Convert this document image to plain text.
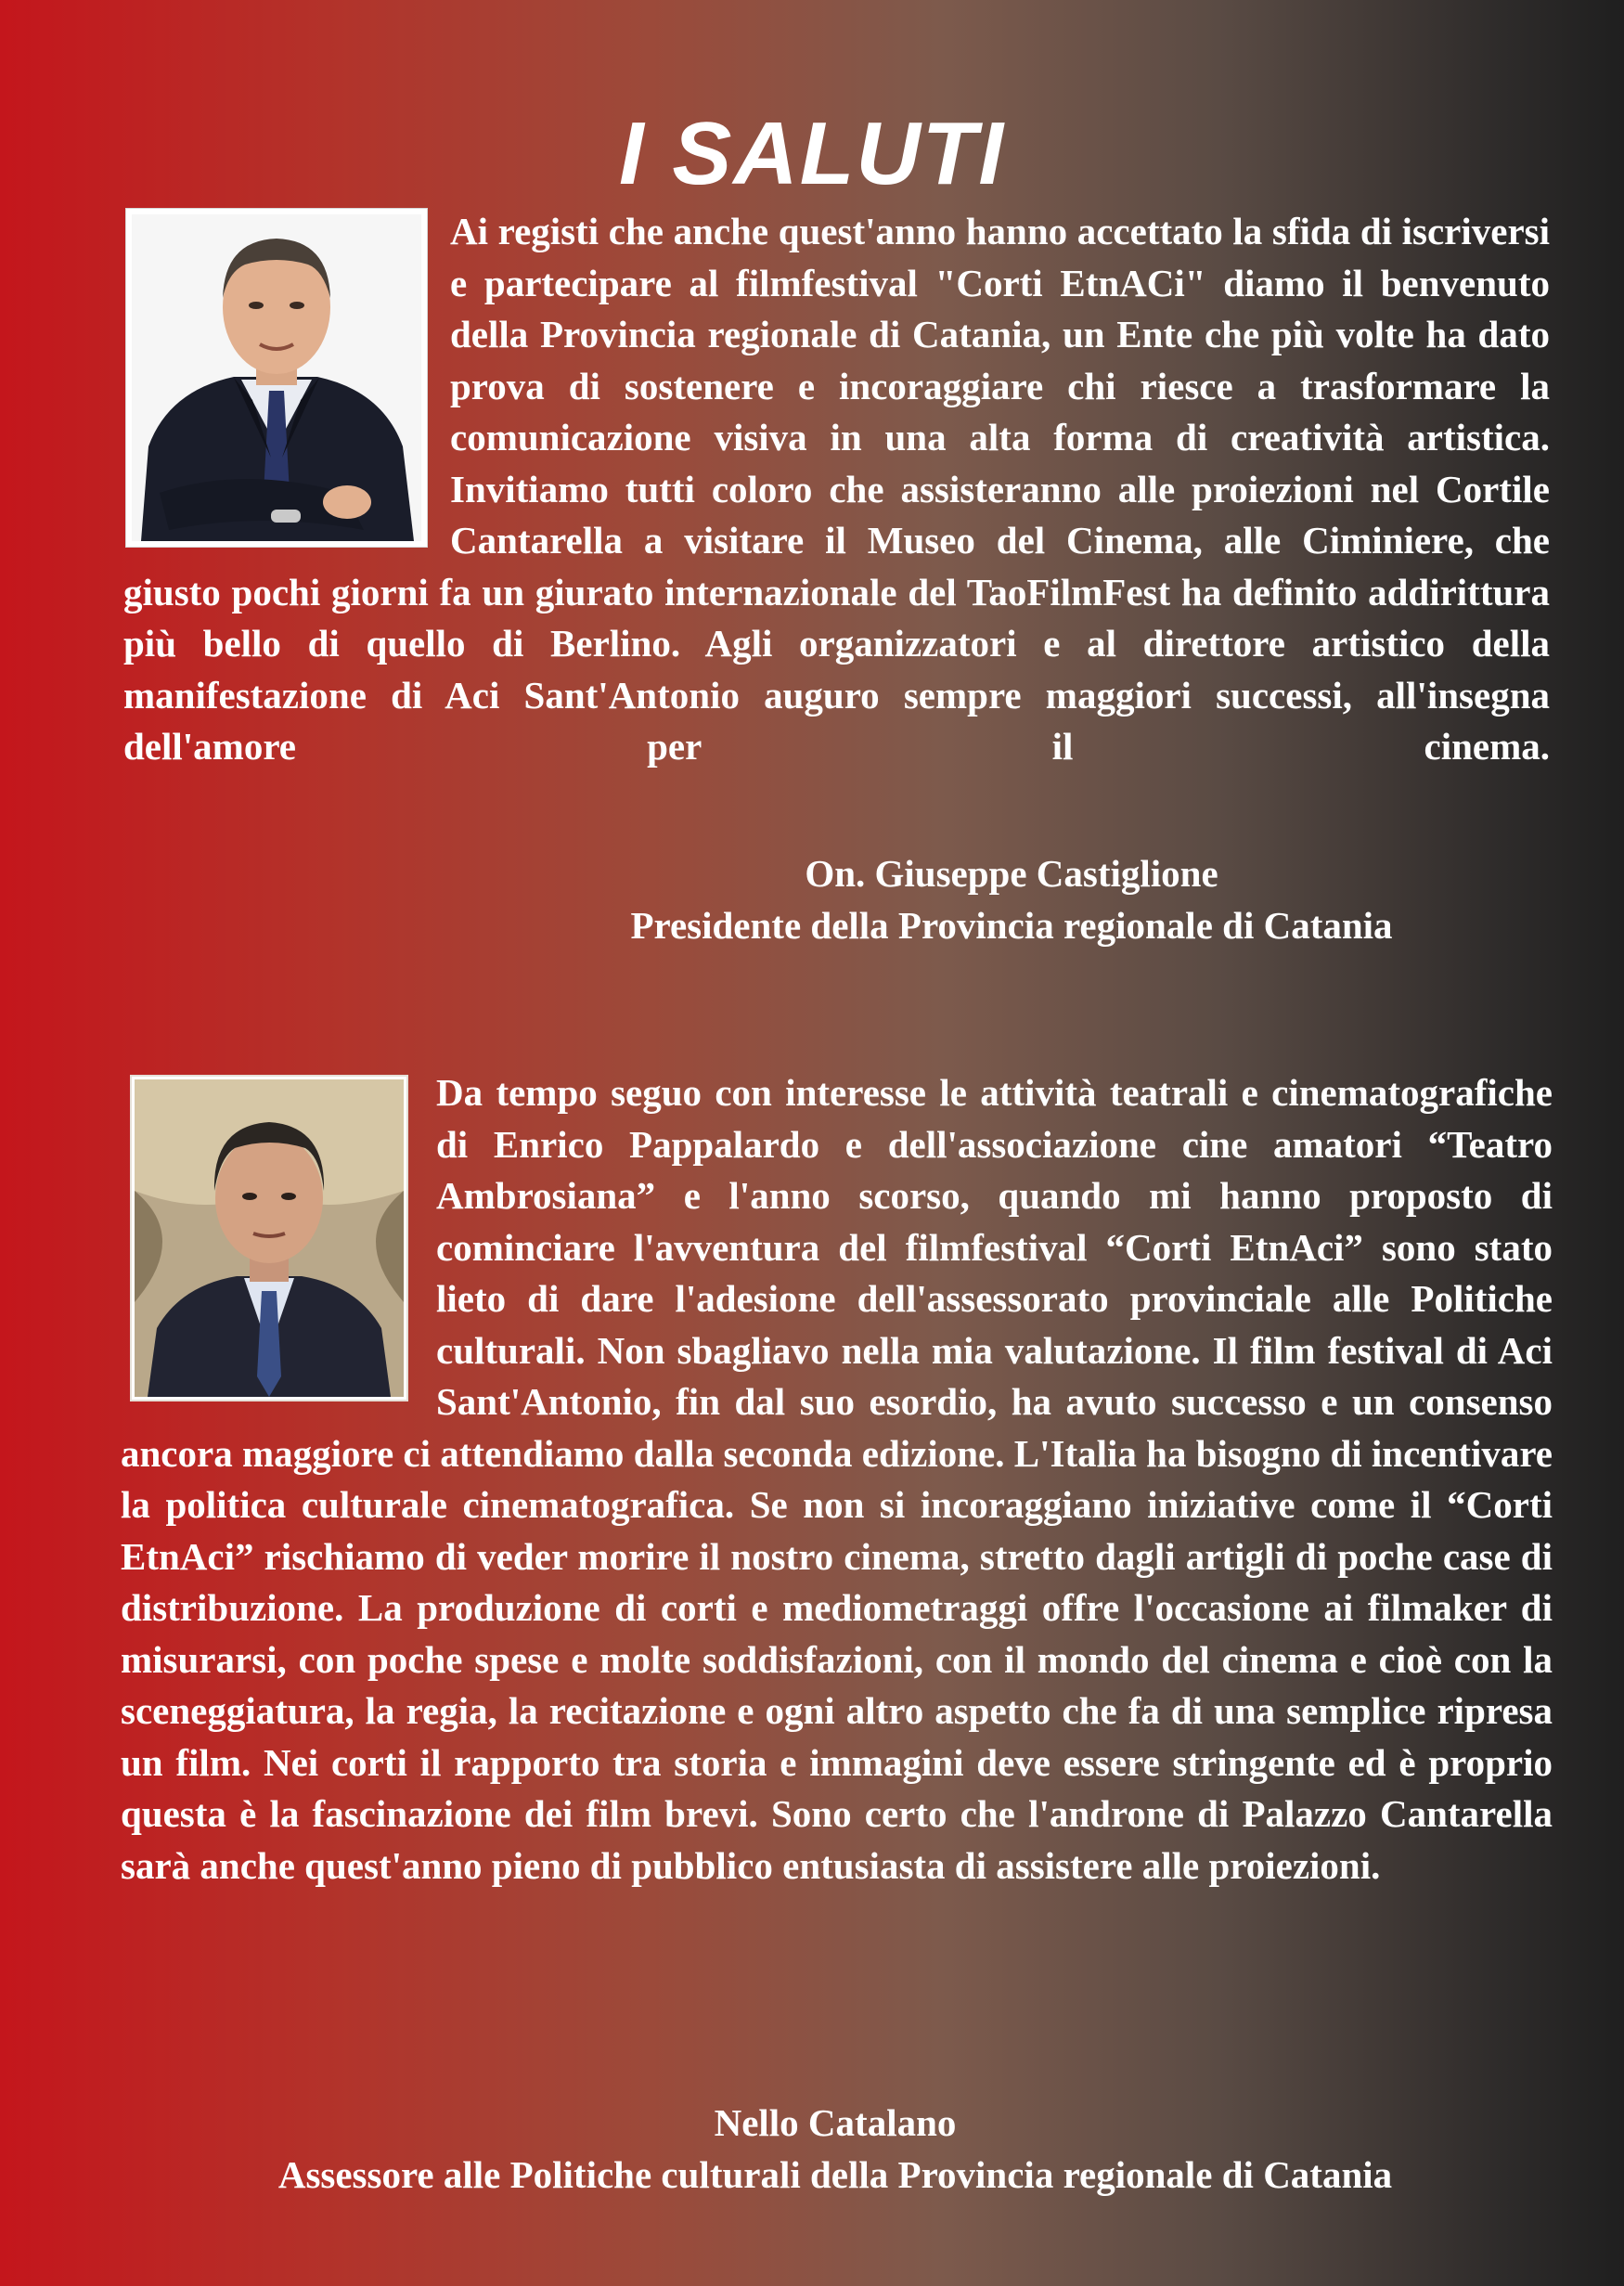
I SALUTI

Ai registi che anche quest'anno hanno accettato la sfida di iscriversi e partecipare al filmfestival "Corti EtnACi" diamo il benvenuto della Provincia regionale di Catania, un Ente che più volte ha dato prova di sostenere e incoraggiare chi riesce a trasformare la comunicazione visiva in una alta forma di creatività artistica. Invitiamo tutti coloro che assisteranno alle proiezioni nel Cortile Cantarella a visitare il Museo del Cinema, alle Ciminiere, che giusto pochi giorni fa un giurato internazionale del TaoFilmFest ha definito addirittura più bello di quello di Berlino. Agli organizzatori e al direttore artistico della manifestazione di Aci Sant'Antonio auguro sempre maggiori successi, all'insegna dell'amore per il cinema.

On. Giuseppe Castiglione
Presidente della Provincia regionale di Catania

Da tempo seguo con interesse le attività teatrali e cinematografiche di Enrico Pappalardo e dell'associazione cine amatori “Teatro Ambrosiana” e l'anno scorso, quando mi hanno proposto di cominciare l'avventura del filmfestival “Corti EtnAci” sono stato lieto di dare l'adesione dell'assessorato provinciale alle Politiche culturali. Non sbagliavo nella mia valutazione. Il film festival di Aci Sant'Antonio, fin dal suo esordio, ha avuto successo e un consenso ancora maggiore ci attendiamo dalla seconda edizione. L'Italia ha bisogno di incentivare la politica culturale cinematografica. Se non si incoraggiano iniziative come il “Corti EtnAci” rischiamo di veder morire il nostro cinema, stretto dagli artigli di poche case di distribuzione. La produzione di corti e mediometraggi offre l'occasione ai filmaker di misurarsi, con poche spese e molte soddisfazioni, con il mondo del cinema e cioè con la sceneggiatura, la regia, la recitazione e ogni altro aspetto che fa di una semplice ripresa un film. Nei corti il rapporto tra storia e immagini deve essere stringente ed è proprio questa è la fascinazione dei film brevi. Sono certo che l'androne di Palazzo Cantarella sarà anche quest'anno pieno di pubblico entusiasta di assistere alle proiezioni.

Nello Catalano
Assessore alle Politiche culturali della Provincia regionale di Catania
